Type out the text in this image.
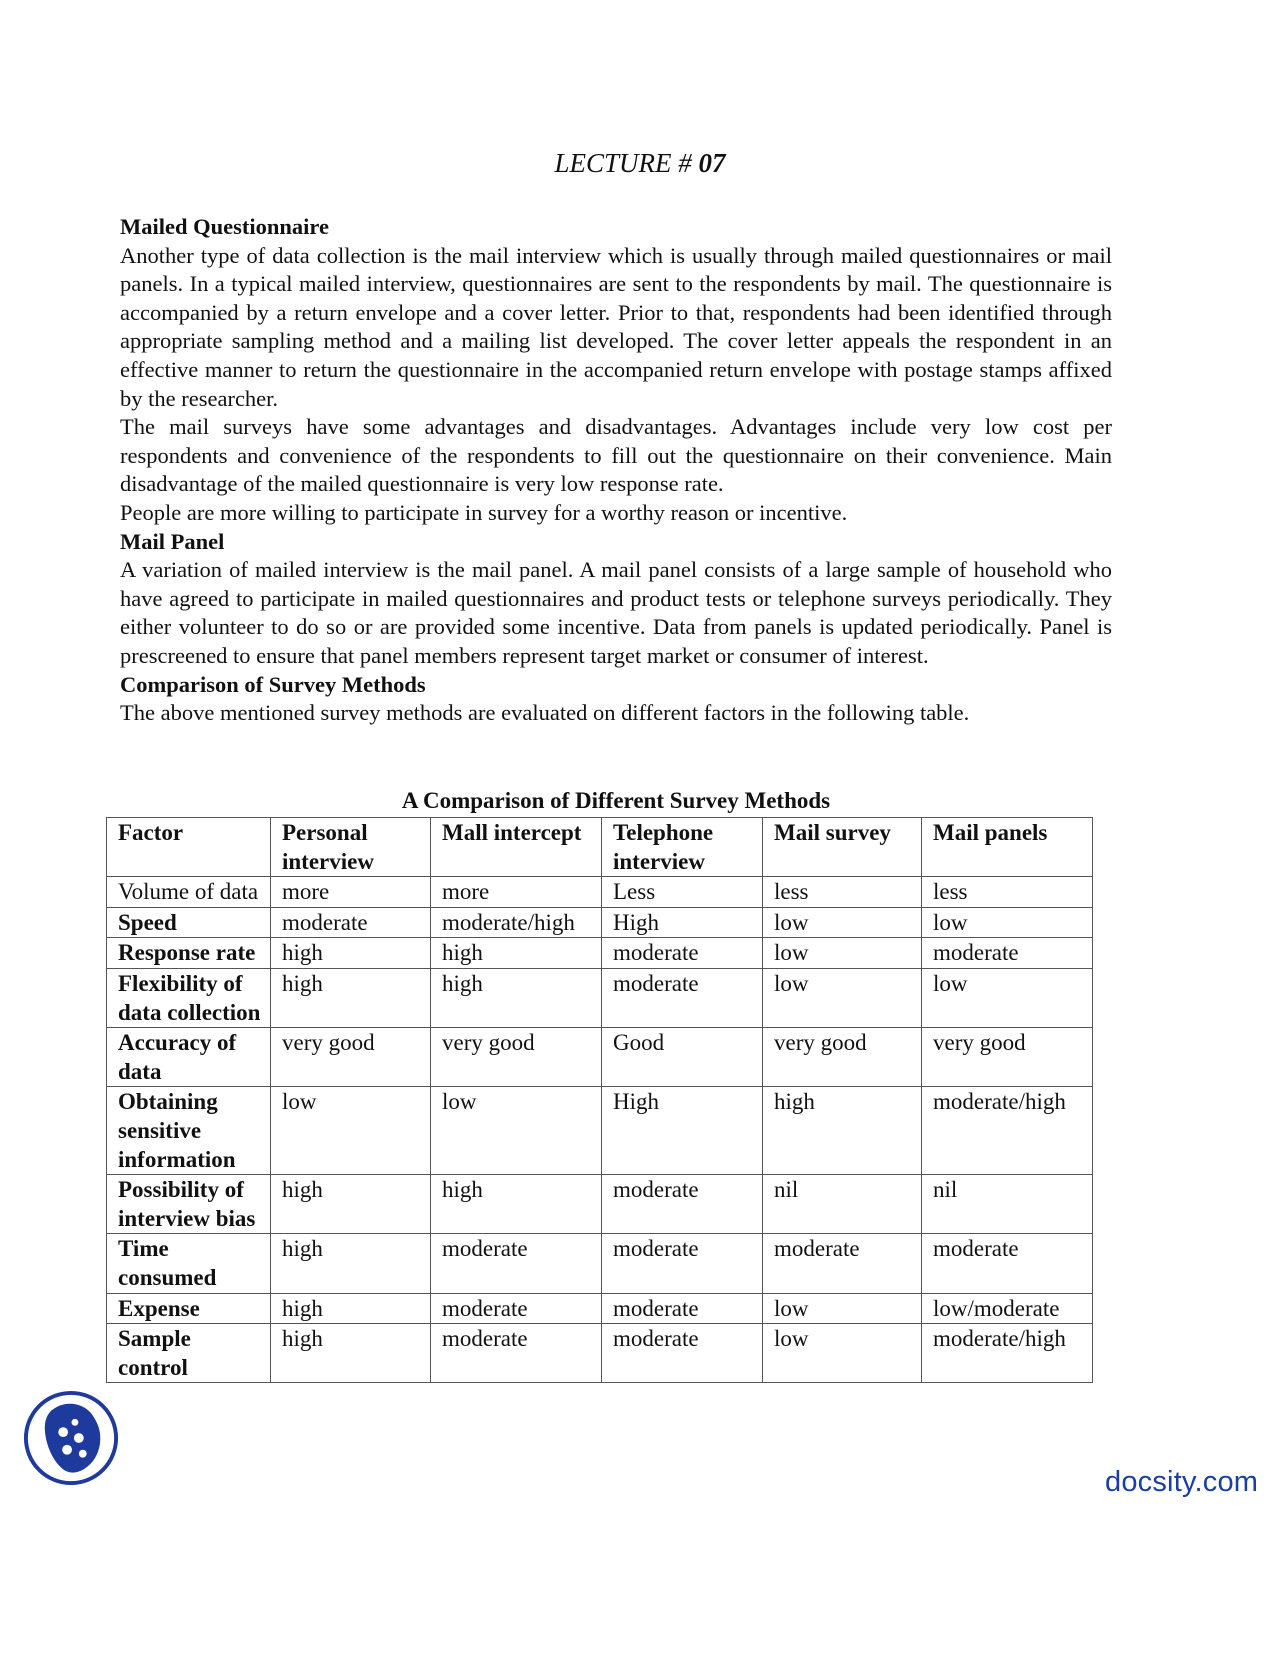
LECTURE # 07
Mailed Questionnaire

Another type of data collection is the mail interview which is usually through mailed questionnaires or mail panels. In a typical mailed interview, questionnaires are sent to the respondents by mail. The questionnaire is accompanied by a return envelope and a cover letter. Prior to that, respondents had been identified through appropriate sampling method and a mailing list developed. The cover letter appeals the respondent in an effective manner to return the questionnaire in the accompanied return envelope with postage stamps affixed by the researcher.

The mail surveys have some advantages and disadvantages. Advantages include very low cost per respondents and convenience of the respondents to fill out the questionnaire on their convenience. Main disadvantage of the mailed questionnaire is very low response rate.

People are more willing to participate in survey for a worthy reason or incentive.

Mail Panel

A variation of mailed interview is the mail panel. A mail panel consists of a large sample of household who have agreed to participate in mailed questionnaires and product tests or telephone surveys periodically. They either volunteer to do so or are provided some incentive. Data from panels is updated periodically. Panel is prescreened to ensure that panel members represent target market or consumer of interest.

Comparison of Survey Methods

The above mentioned survey methods are evaluated on different factors in the following table.

A Comparison of Different Survey Methods
Factor	Personal interview	Mall intercept	Telephone interview	Mail survey	Mail panels
Volume of data	more	more	Less	less	less
Speed	moderate	moderate/high	High	low	low
Response rate	high	high	moderate	low	moderate
Flexibility of data collection	high	high	moderate	low	low
Accuracy of data	very good	very good	Good	very good	very good
Obtaining sensitive information	low	low	High	high	moderate/high
Possibility of interview bias	high	high	moderate	nil	nil
Time consumed	high	moderate	moderate	moderate	moderate
Expense	high	moderate	moderate	low	low/moderate
Sample control	high	moderate	moderate	low	moderate/high
docsity.com
